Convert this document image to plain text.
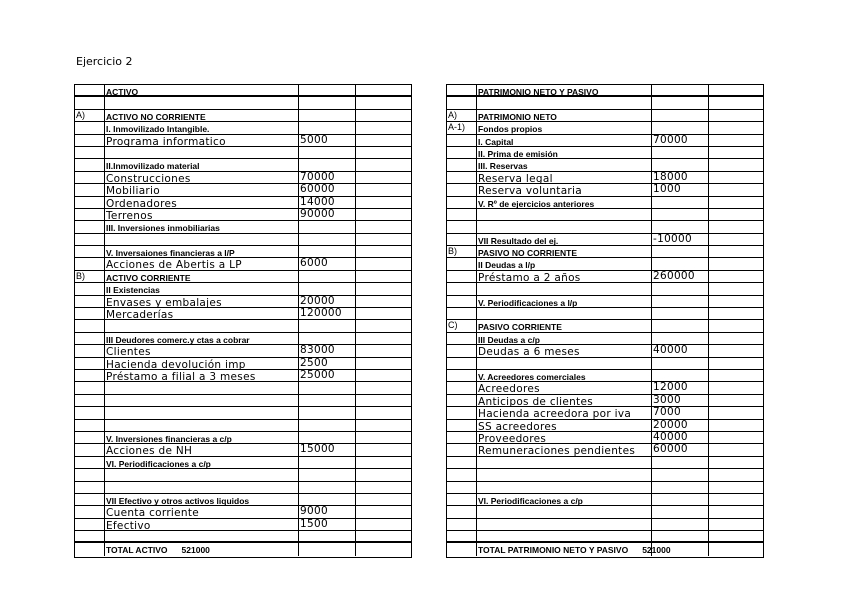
Ejercicio 2
ACTIVO
A)	ACTIVO NO CORRIENTE
I. Inmovilizado Intangible.
Programa informatico	5000
II.Inmovilizado material
Construcciones	70000
Mobiliario	60000
Ordenadores	14000
Terrenos	90000
III. Inversiones inmobiliarias
V. Inversaiones financieras a l/P
Acciones de Abertis a LP	6000
B)	ACTIVO CORRIENTE
II Existencias
Envases y embalajes	20000
Mercaderías	120000
III Deudores comerc.y ctas a cobrar
Clientes	83000
Hacienda devolución imp	2500
Préstamo a filial a 3 meses	25000
V. Inversiones financieras a c/p
Acciones de NH	15000
VI. Periodificaciones a c/p
VII Efectivo y otros activos liquidos
Cuenta corriente	9000
Efectivo	1500
TOTAL ACTIVO 521000
PATRIMONIO NETO Y PASIVO
A)	PATRIMONIO NETO
A-1)	Fondos propios
I. Capital	70000
II. Prima de emisión
III. Reservas
Reserva legal	18000
Reserva voluntaria	1000
V. Rº de ejercicios anteriores
VII Resultado del ej.	-10000
B)	PASIVO NO CORRIENTE
II Deudas a l/p
Préstamo a 2 años	260000
V. Periodificaciones a l/p
C)	PASIVO CORRIENTE
III Deudas a c/p
Deudas a 6 meses	40000
V. Acreedores comerciales
Acreedores	12000
Anticipos de clientes	3000
Hacienda acreedora por iva	7000
SS acreedores	20000
Proveedores	40000
Remuneraciones pendientes	60000
VI. Periodificaciones a c/p
TOTAL PATRIMONIO NETO Y PASIVO 521000
